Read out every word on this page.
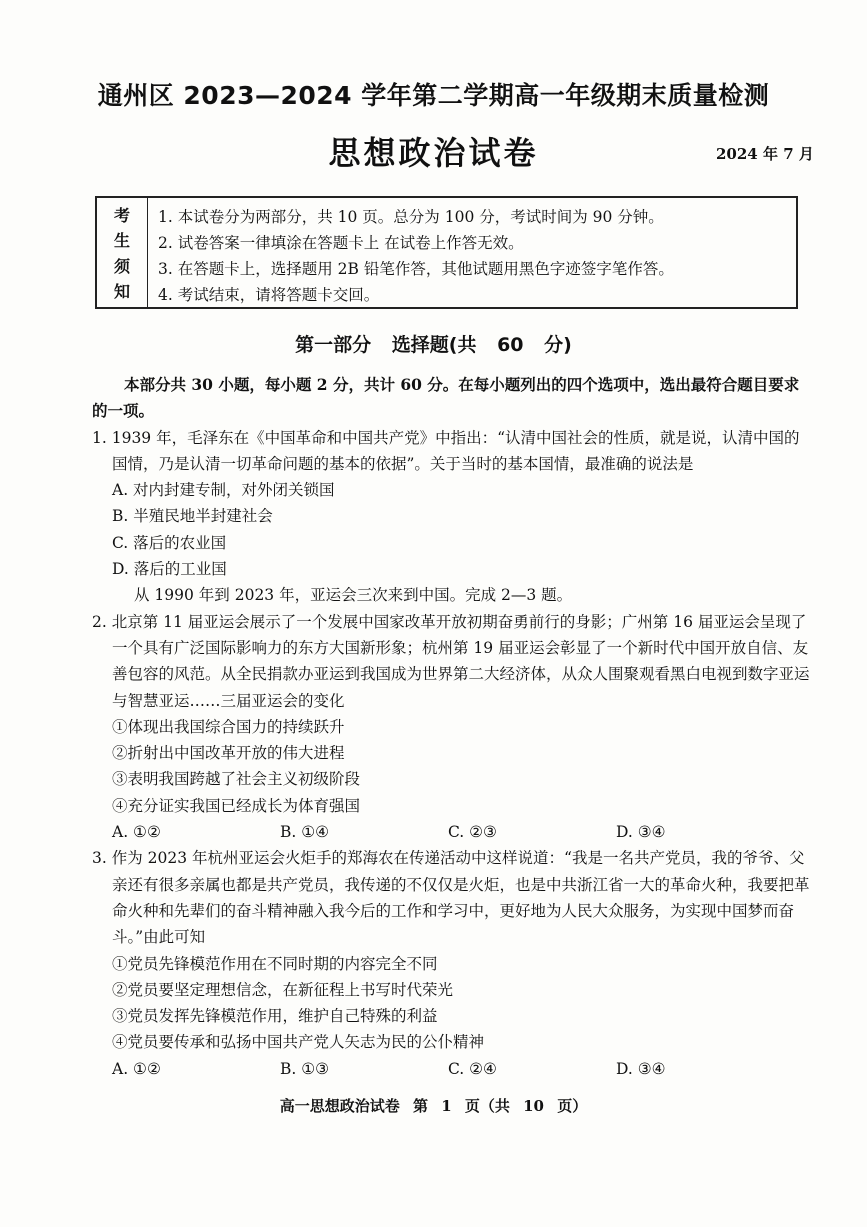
通州区 2023—2024 学年第二学期高一年级期末质量检测
思想政治试卷	2024 年 7 月
考
生
须
知
1. 本试卷分为两部分，共 10 页。总分为 100 分，考试时间为 90 分钟。
2. 试卷答案一律填涂在答题卡上 在试卷上作答无效。
3. 在答题卡上，选择题用 2B 铅笔作答，其他试题用黑色字迹签字笔作答。
4. 考试结束，请将答题卡交回。
第一部分 选择题(共 60 分)

本部分共 30 小题，每小题 2 分，共计 60 分。在每小题列出的四个选项中，选出最符合题目要求的一项。

1. 1939 年，毛泽东在《中国革命和中国共产党》中指出：“认清中国社会的性质，就是说，认清中国的国情，乃是认清一切革命问题的基本的依据”。关于当时的基本国情，最准确的说法是

A. 对内封建专制，对外闭关锁国

B. 半殖民地半封建社会

C. 落后的农业国

D. 落后的工业国

从 1990 年到 2023 年，亚运会三次来到中国。完成 2—3 题。

2. 北京第 11 届亚运会展示了一个发展中国家改革开放初期奋勇前行的身影；广州第 16 届亚运会呈现了一个具有广泛国际影响力的东方大国新形象；杭州第 19 届亚运会彰显了一个新时代中国开放自信、友善包容的风范。从全民捐款办亚运到我国成为世界第二大经济体，从众人围聚观看黑白电视到数字亚运与智慧亚运……三届亚运会的变化

①体现出我国综合国力的持续跃升

②折射出中国改革开放的伟大进程

③表明我国跨越了社会主义初级阶段

④充分证实我国已经成长为体育强国

A. ①②	B. ①④	C. ②③	D. ③④

3. 作为 2023 年杭州亚运会火炬手的郑海农在传递活动中这样说道：“我是一名共产党员，我的爷爷、父亲还有很多亲属也都是共产党员，我传递的不仅仅是火炬，也是中共浙江省一大的革命火种，我要把革命火种和先辈们的奋斗精神融入我今后的工作和学习中，更好地为人民大众服务，为实现中国梦而奋斗。”由此可知

①党员先锋模范作用在不同时期的内容完全不同

②党员要坚定理想信念，在新征程上书写时代荣光

③党员发挥先锋模范作用，维护自己特殊的利益

④党员要传承和弘扬中国共产党人矢志为民的公仆精神

A. ①②	B. ①③	C. ②④	D. ③④
高一思想政治试卷 第 1 页（共 10 页）
